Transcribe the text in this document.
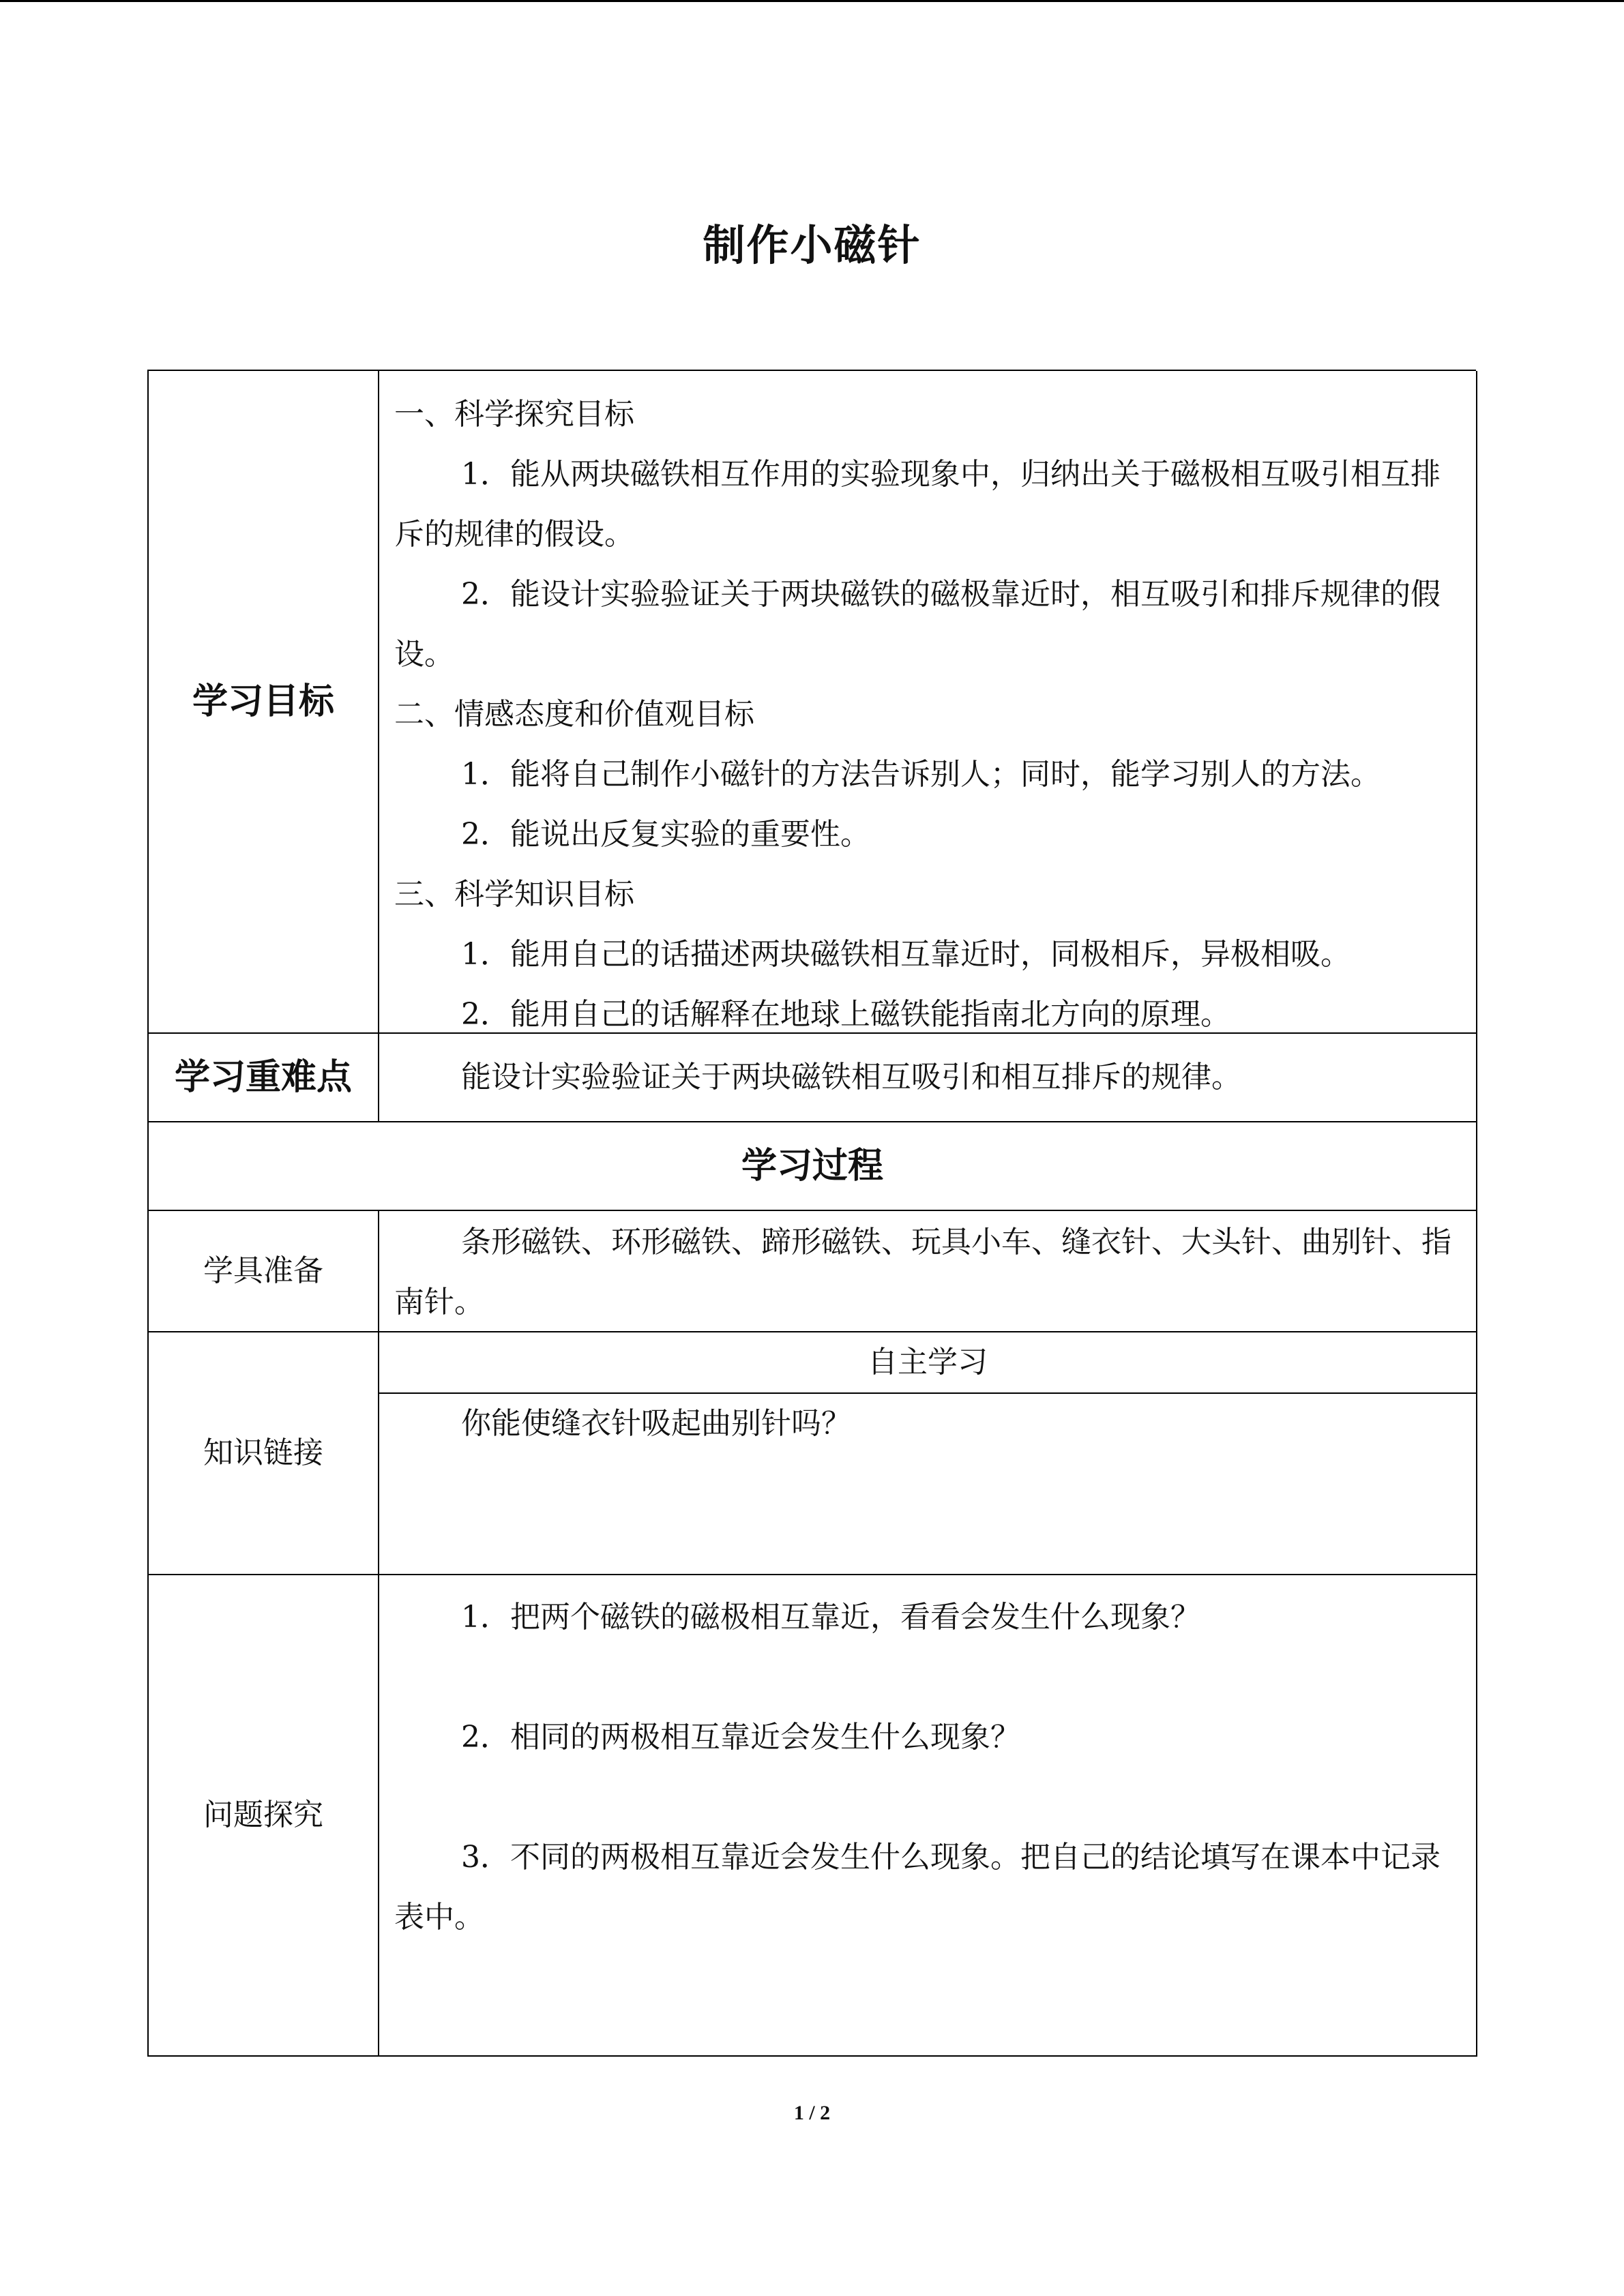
制作小磁针
学习目标

一、科学探究目标

1．能从两块磁铁相互作用的实验现象中，归纳出关于磁极相互吸引相互排斥的规律的假设。

2．能设计实验验证关于两块磁铁的磁极靠近时，相互吸引和排斥规律的假设。

二、情感态度和价值观目标

1．能将自己制作小磁针的方法告诉别人；同时，能学习别人的方法。

2．能说出反复实验的重要性。

三、科学知识目标

1．能用自己的话描述两块磁铁相互靠近时，同极相斥，异极相吸。

2．能用自己的话解释在地球上磁铁能指南北方向的原理。

学习重难点	能设计实验验证关于两块磁铁相互吸引和相互排斥的规律。

学习过程
学具准备

条形磁铁、环形磁铁、蹄形磁铁、玩具小车、缝衣针、大头针、曲别针、指南针。

知识链接
自主学习

你能使缝衣针吸起曲别针吗？

问题探究

1．把两个磁铁的磁极相互靠近，看看会发生什么现象？

2．相同的两极相互靠近会发生什么现象？

3．不同的两极相互靠近会发生什么现象。把自己的结论填写在课本中记录表中。

1 / 2
